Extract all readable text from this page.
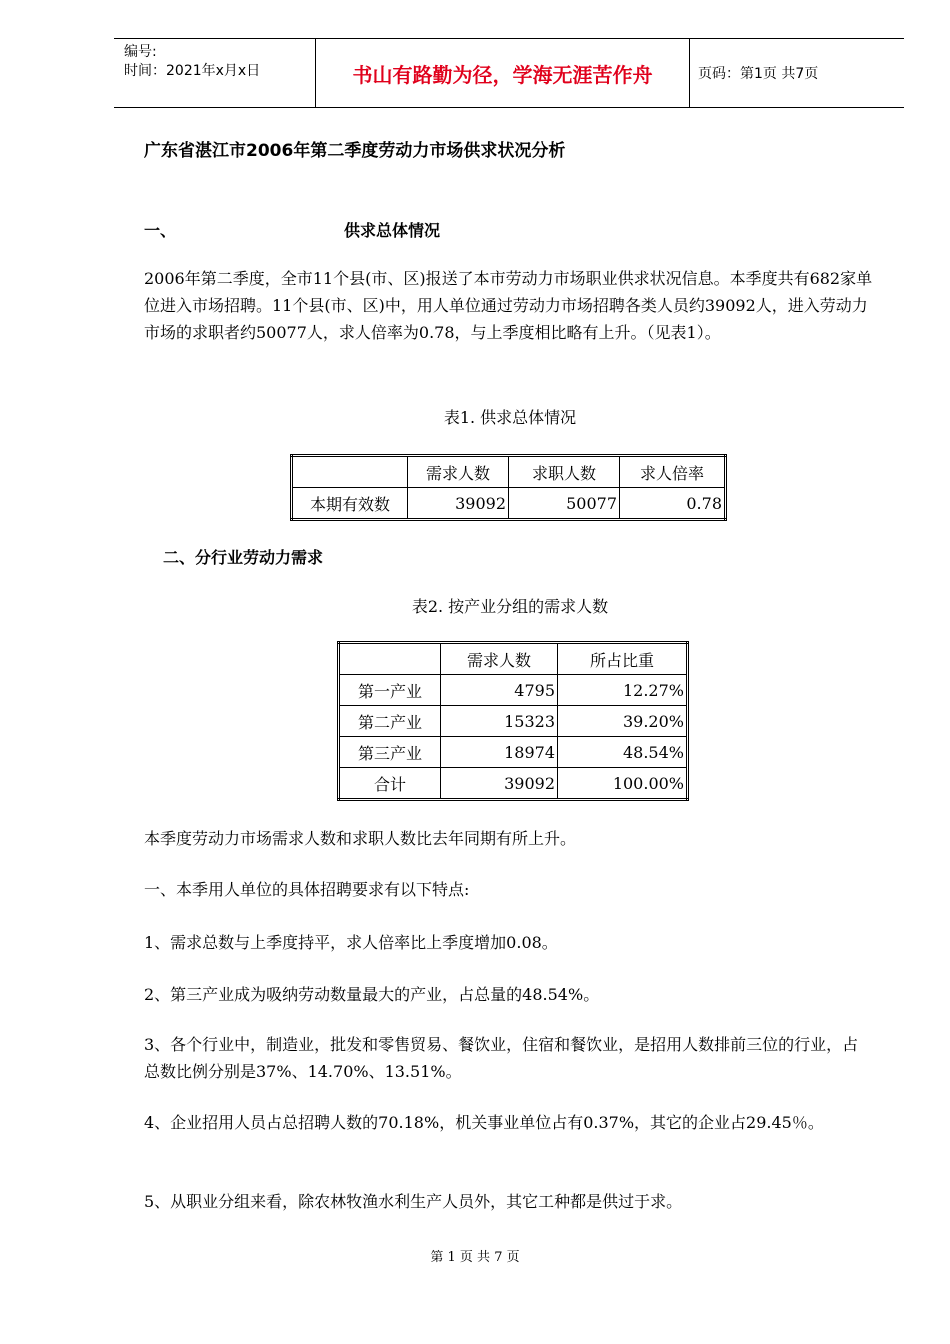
编号:
时间：2021年x月x日	书山有路勤为径，学海无涯苦作舟	页码：第1页 共7页
广东省湛江市2006年第二季度劳动力市场供求状况分析
一、	供求总体情况
2006年第二季度，全市11个县(市、区)报送了本市劳动力市场职业供求状况信息。本季度共有682家单位进入市场招聘。11个县(市、区)中，用人单位通过劳动力市场招聘各类人员约39092人，进入劳动力市场的求职者约50077人，求人倍率为0.78，与上季度相比略有上升。（见表1）。
表1. 供求总体情况
	需求人数	求职人数	求人倍率
本期有效数	39092	50077	0.78
二、分行业劳动力需求
表2. 按产业分组的需求人数
	需求人数	所占比重
第一产业	4795	12.27%
第二产业	15323	39.20%
第三产业	18974	48.54%
合计	39092	100.00%
本季度劳动力市场需求人数和求职人数比去年同期有所上升。
一、本季用人单位的具体招聘要求有以下特点:
1、需求总数与上季度持平，求人倍率比上季度增加0.08。
2、第三产业成为吸纳劳动数量最大的产业，占总量的48.54%。
3、各个行业中，制造业，批发和零售贸易、餐饮业，住宿和餐饮业，是招用人数排前三位的行业，占总数比例分别是37%、14.70%、13.51%。
4、企业招用人员占总招聘人数的70.18%，机关事业单位占有0.37%，其它的企业占29.45％。
5、从职业分组来看，除农林牧渔水利生产人员外，其它工种都是供过于求。
第 1 页 共 7 页
